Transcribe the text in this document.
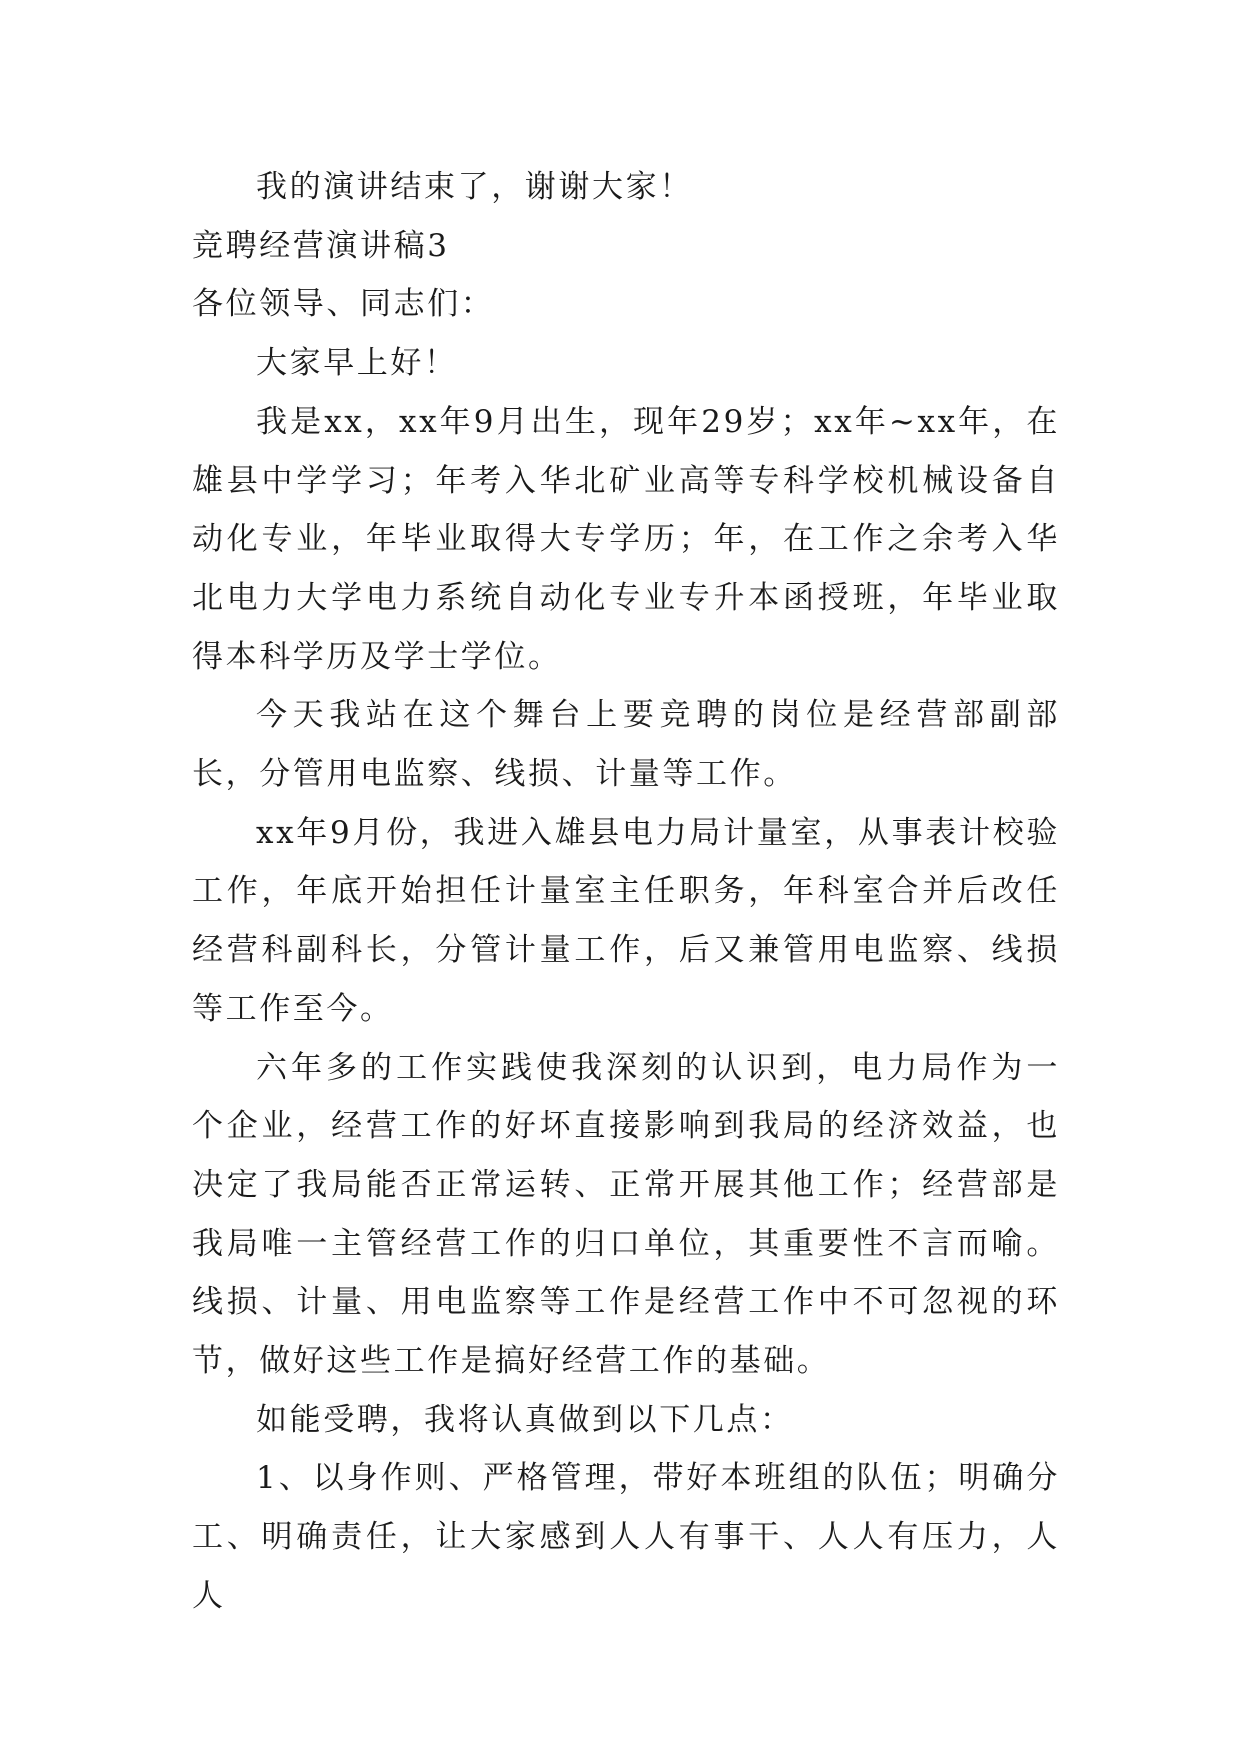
我的演讲结束了，谢谢大家！

竞聘经营演讲稿3

各位领导、同志们：

大家早上好！

我是xx，xx年9月出生，现年29岁；xx年~xx年，在雄县中学学习；年考入华北矿业高等专科学校机械设备自动化专业，年毕业取得大专学历；年，在工作之余考入华北电力大学电力系统自动化专业专升本函授班，年毕业取得本科学历及学士学位。

今天我站在这个舞台上要竞聘的岗位是经营部副部长，分管用电监察、线损、计量等工作。

xx年9月份，我进入雄县电力局计量室，从事表计校验工作，年底开始担任计量室主任职务，年科室合并后改任经营科副科长，分管计量工作，后又兼管用电监察、线损等工作至今。

六年多的工作实践使我深刻的认识到，电力局作为一个企业，经营工作的好坏直接影响到我局的经济效益，也决定了我局能否正常运转、正常开展其他工作；经营部是我局唯一主管经营工作的归口单位，其重要性不言而喻。线损、计量、用电监察等工作是经营工作中不可忽视的环节，做好这些工作是搞好经营工作的基础。

如能受聘，我将认真做到以下几点：

1、以身作则、严格管理，带好本班组的队伍；明确分工、明确责任，让大家感到人人有事干、人人有压力，人人
